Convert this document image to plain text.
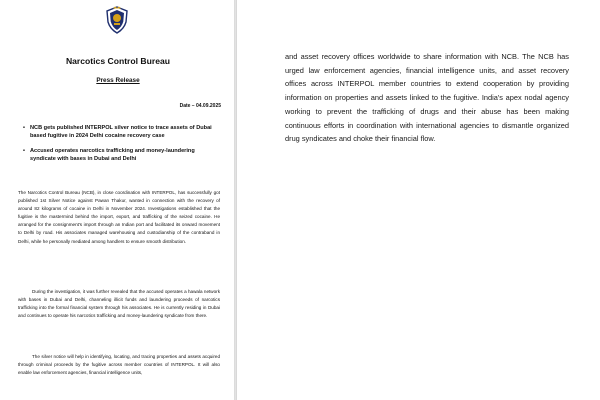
Narcotics Control Bureau
Press Release
Date – 04.09.2025
• NCB gets published INTERPOL silver notice to trace assets of Dubai based fugitive in 2024 Delhi cocaine recovery case
• Accused operates narcotics trafficking and money-laundering syndicate with bases in Dubai and Delhi

The Narcotics Control Bureau (NCB), in close coordination with INTERPOL, has successfully got published 1st Silver Notice against Pawan Thakur, wanted in connection with the recovery of around 82 kilograms of cocaine in Delhi in November 2024. Investigations established that the fugitive is the mastermind behind the import, export, and trafficking of the seized cocaine. He arranged for the consignment's import through an Indian port and facilitated its onward movement to Delhi by road. His associates managed warehousing and custodianship of the contraband in Delhi, while he personally mediated among handlers to ensure smooth distribution.

During the investigation, it was further revealed that the accused operates a hawala network with bases in Dubai and Delhi, channeling illicit funds and laundering proceeds of narcotics trafficking into the formal financial system through his associates. He is currently residing in Dubai and continues to operate his narcotics trafficking and money-laundering syndicate from there.

The silver notice will help in identifying, locating, and tracing properties and assets acquired through criminal proceeds by the fugitive across member countries of INTERPOL. It will also enable law enforcement agencies, financial intelligence units,

and asset recovery offices worldwide to share information with NCB. The NCB has urged law enforcement agencies, financial intelligence units, and asset recovery offices across INTERPOL member countries to extend cooperation by providing information on properties and assets linked to the fugitive. India's apex nodal agency working to prevent the trafficking of drugs and their abuse has been making continuous efforts in coordination with international agencies to dismantle organized drug syndicates and choke their financial flow.
